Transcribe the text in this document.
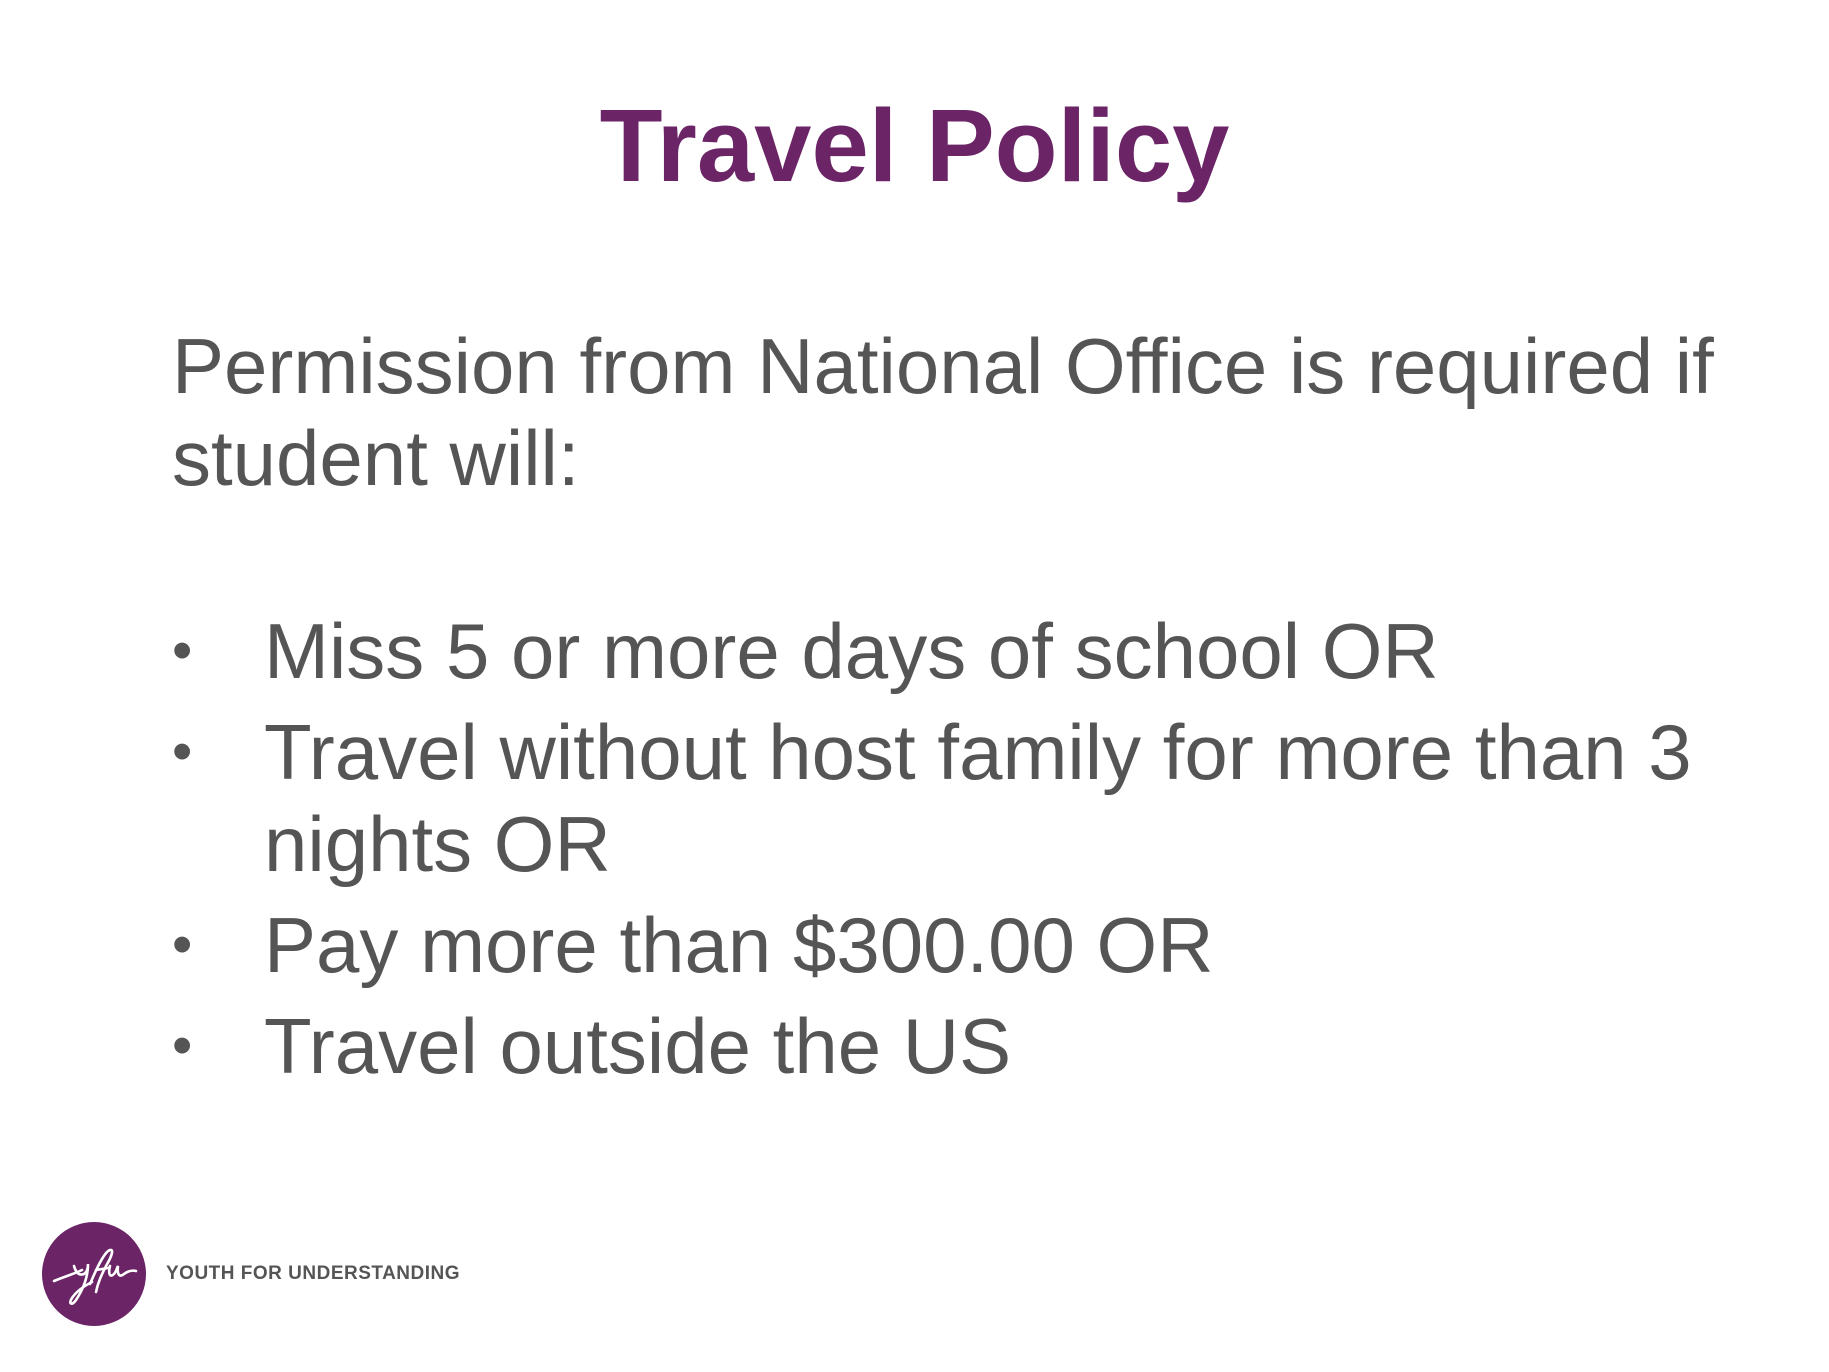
Travel Policy
Permission from National Office is required if student will:
• Miss 5 or more days of school OR
• Travel without host family for more than 3 nights OR
• Pay more than $300.00 OR
• Travel outside the US
YOUTH FOR UNDERSTANDING
